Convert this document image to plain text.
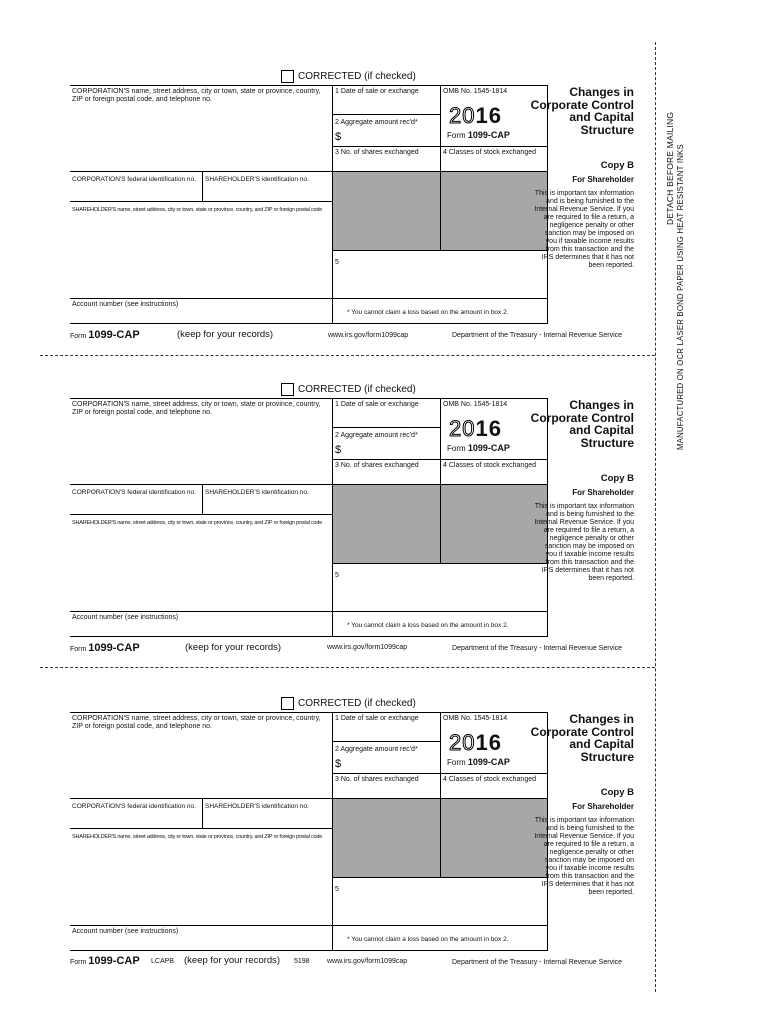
CORRECTED (if checked)
CORPORATION'S name, street address, city or town, state or province, country, ZIP or foreign postal code, and telephone no.
1 Date of sale or exchange	OMB No. 1545-1814
2016
Form 1099-CAP
Changes in Corporate Control and Capital Structure
2 Aggregate amount rec'd*
$
3 No. of shares exchanged	4 Classes of stock exchanged
CORPORATION'S federal identification no. SHAREHOLDER'S identification no.
SHAREHOLDER'S name, street address, city or town, state or province, country, and ZIP or foreign postal code
5
Account number (see instructions)
* You cannot claim a loss based on the amount in box 2.
Copy B
For Shareholder
This is important tax information and is being furnished to the Internal Revenue Service. If you are required to file a return, a negligence penalty or other sanction may be imposed on you if taxable income results from this transaction and the IRS determines that it has not been reported.
Form 1099-CAP	(keep for your records)	www.irs.gov/form1099cap	Department of the Treasury - Internal Revenue Service
CORRECTED (if checked)
CORPORATION'S name, street address, city or town, state or province, country, ZIP or foreign postal code, and telephone no.
1 Date of sale or exchange	OMB No. 1545-1814
2016
Form 1099-CAP
Changes in Corporate Control and Capital Structure
2 Aggregate amount rec'd*
$
3 No. of shares exchanged	4 Classes of stock exchanged
CORPORATION'S federal identification no. SHAREHOLDER'S identification no.
SHAREHOLDER'S name, street address, city or town, state or province, country, and ZIP or foreign postal code
5
Account number (see instructions)
* You cannot claim a loss based on the amount in box 2.
Copy B
For Shareholder
This is important tax information and is being furnished to the Internal Revenue Service. If you are required to file a return, a negligence penalty or other sanction may be imposed on you if taxable income results from this transaction and the IRS determines that it has not been reported.
Form 1099-CAP	(keep for your records)	www.irs.gov/form1099cap	Department of the Treasury - Internal Revenue Service
CORRECTED (if checked)
CORPORATION'S name, street address, city or town, state or province, country, ZIP or foreign postal code, and telephone no.
1 Date of sale or exchange	OMB No. 1545-1814
2016
Form 1099-CAP
Changes in Corporate Control and Capital Structure
2 Aggregate amount rec'd*
$
3 No. of shares exchanged	4 Classes of stock exchanged
CORPORATION'S federal identification no. SHAREHOLDER'S identification no.
SHAREHOLDER'S name, street address, city or town, state or province, country, and ZIP or foreign postal code
5
Account number (see instructions)
* You cannot claim a loss based on the amount in box 2.
Copy B
For Shareholder
This is important tax information and is being furnished to the Internal Revenue Service. If you are required to file a return, a negligence penalty or other sanction may be imposed on you if taxable income results from this transaction and the IRS determines that it has not been reported.
Form 1099-CAP LCAPB (keep for your records) 5198 www.irs.gov/form1099cap	Department of the Treasury - Internal Revenue Service
DETACH BEFORE MAILING MANUFACTURED ON OCR LASER BOND PAPER USING HEAT RESISTANT INKS
